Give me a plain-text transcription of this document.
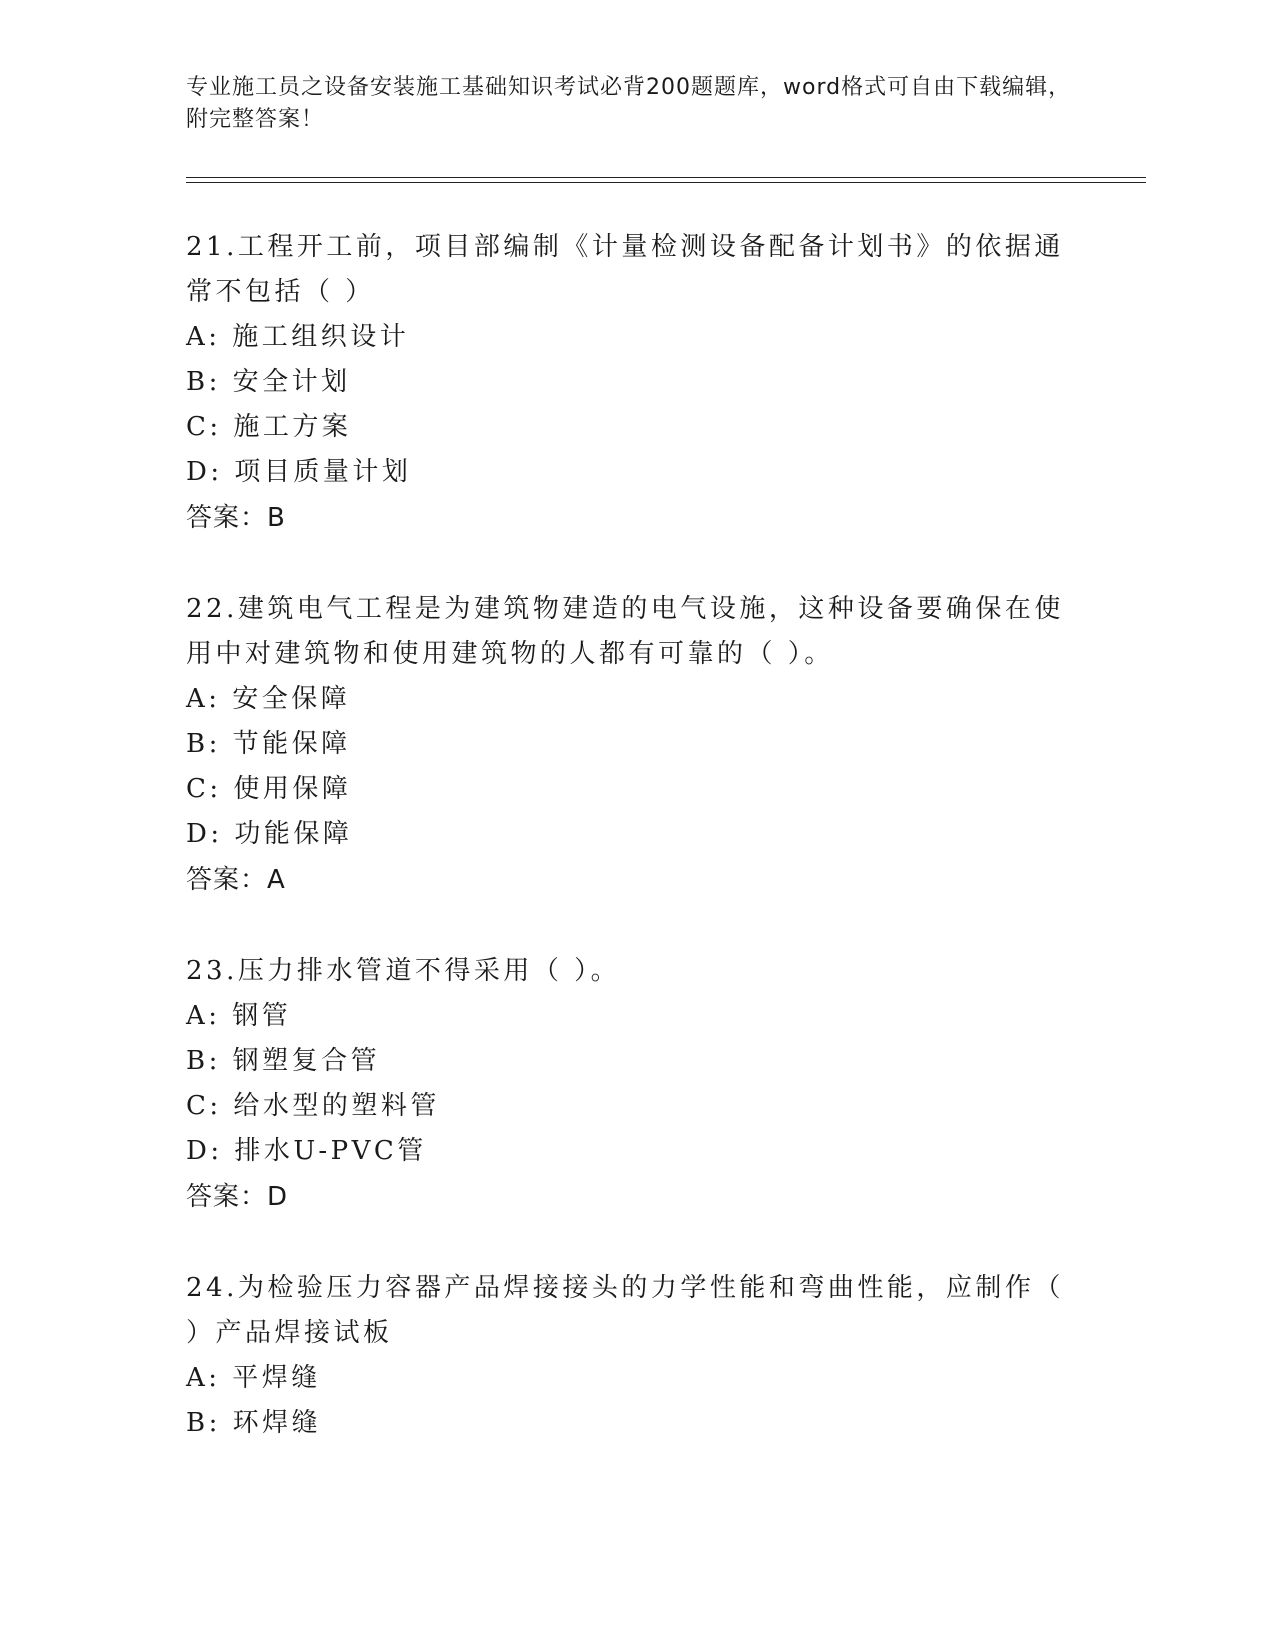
专业施工员之设备安装施工基础知识考试必背200题题库，word格式可自由下载编辑，附完整答案！

21.工程开工前，项目部编制《计量检测设备配备计划书》的依据通常不包括（ ）

A: 施工组织设计

B: 安全计划

C: 施工方案

D: 项目质量计划

答案：B

22.建筑电气工程是为建筑物建造的电气设施，这种设备要确保在使用中对建筑物和使用建筑物的人都有可靠的（ ）。

A: 安全保障

B: 节能保障

C: 使用保障

D: 功能保障

答案：A

23.压力排水管道不得采用（ ）。

A: 钢管

B: 钢塑复合管

C: 给水型的塑料管

D: 排水U-PVC管

答案：D

24.为检验压力容器产品焊接接头的力学性能和弯曲性能，应制作（ ）产品焊接试板

A: 平焊缝

B: 环焊缝
